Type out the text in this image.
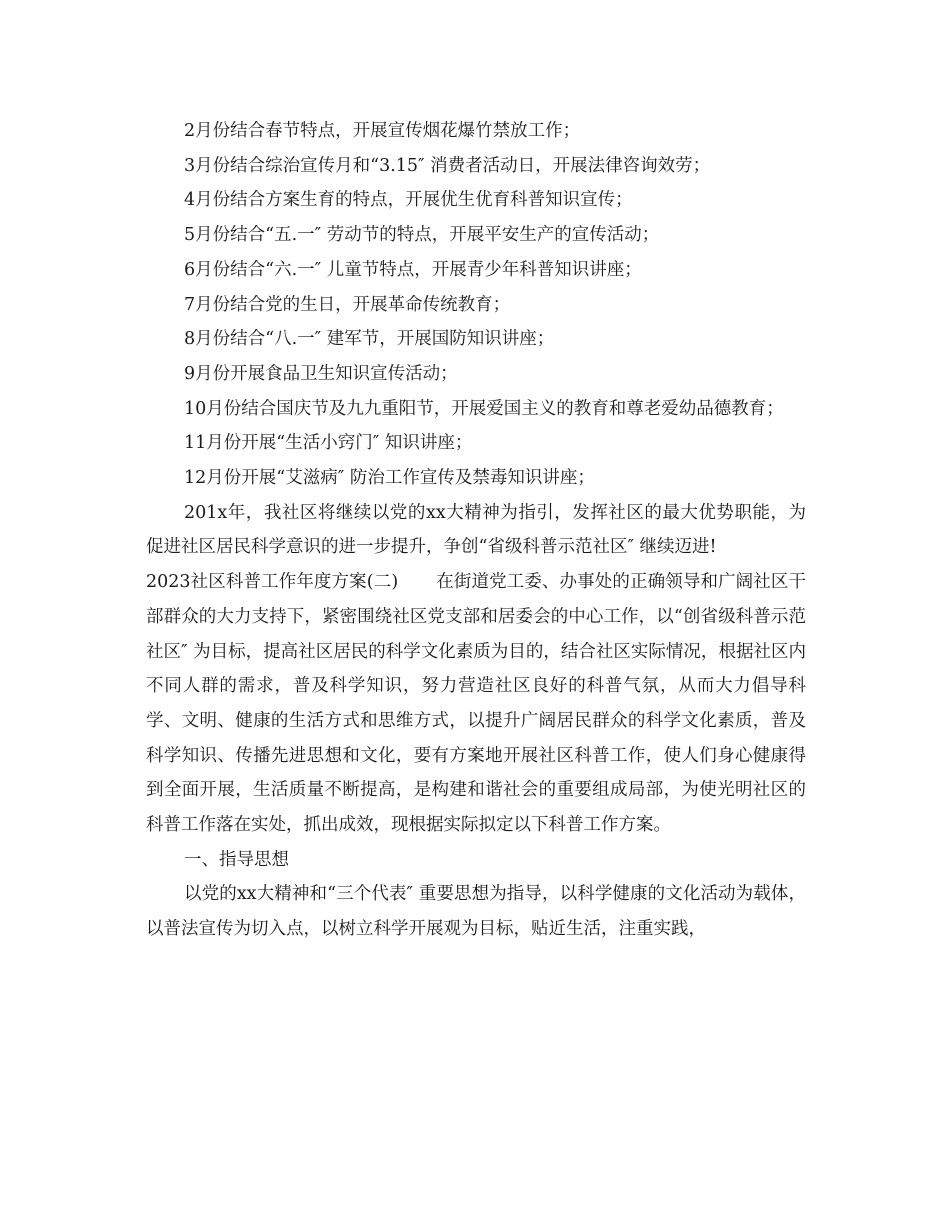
2月份结合春节特点，开展宣传烟花爆竹禁放工作；

3月份结合综治宣传月和“3.15″ 消费者活动日，开展法律咨询效劳；

4月份结合方案生育的特点，开展优生优育科普知识宣传；

5月份结合“五.一″ 劳动节的特点，开展平安生产的宣传活动；

6月份结合“六.一″ 儿童节特点，开展青少年科普知识讲座；

7月份结合党的生日，开展革命传统教育；

8月份结合“八.一″ 建军节，开展国防知识讲座；

9月份开展食品卫生知识宣传活动；

10月份结合国庆节及九九重阳节，开展爱国主义的教育和尊老爱幼品德教育；

11月份开展“生活小窍门″ 知识讲座；

12月份开展“艾滋病″ 防治工作宣传及禁毒知识讲座；

201x年，我社区将继续以党的xx大精神为指引，发挥社区的最大优势职能，为促进社区居民科学意识的进一步提升，争创“省级科普示范社区″ 继续迈进!

2023社区科普工作年度方案(二) 在街道党工委、办事处的正确领导和广阔社区干部群众的大力支持下，紧密围绕社区党支部和居委会的中心工作，以“创省级科普示范社区″ 为目标，提高社区居民的科学文化素质为目的，结合社区实际情况，根据社区内不同人群的需求，普及科学知识，努力营造社区良好的科普气氛，从而大力倡导科学、文明、健康的生活方式和思维方式，以提升广阔居民群众的科学文化素质，普及科学知识、传播先进思想和文化，要有方案地开展社区科普工作，使人们身心健康得到全面开展，生活质量不断提高，是构建和谐社会的重要组成局部，为使光明社区的科普工作落在实处，抓出成效，现根据实际拟定以下科普工作方案。

一、指导思想

以党的xx大精神和“三个代表″ 重要思想为指导，以科学健康的文化活动为载体，以普法宣传为切入点，以树立科学开展观为目标，贴近生活，注重实践，
